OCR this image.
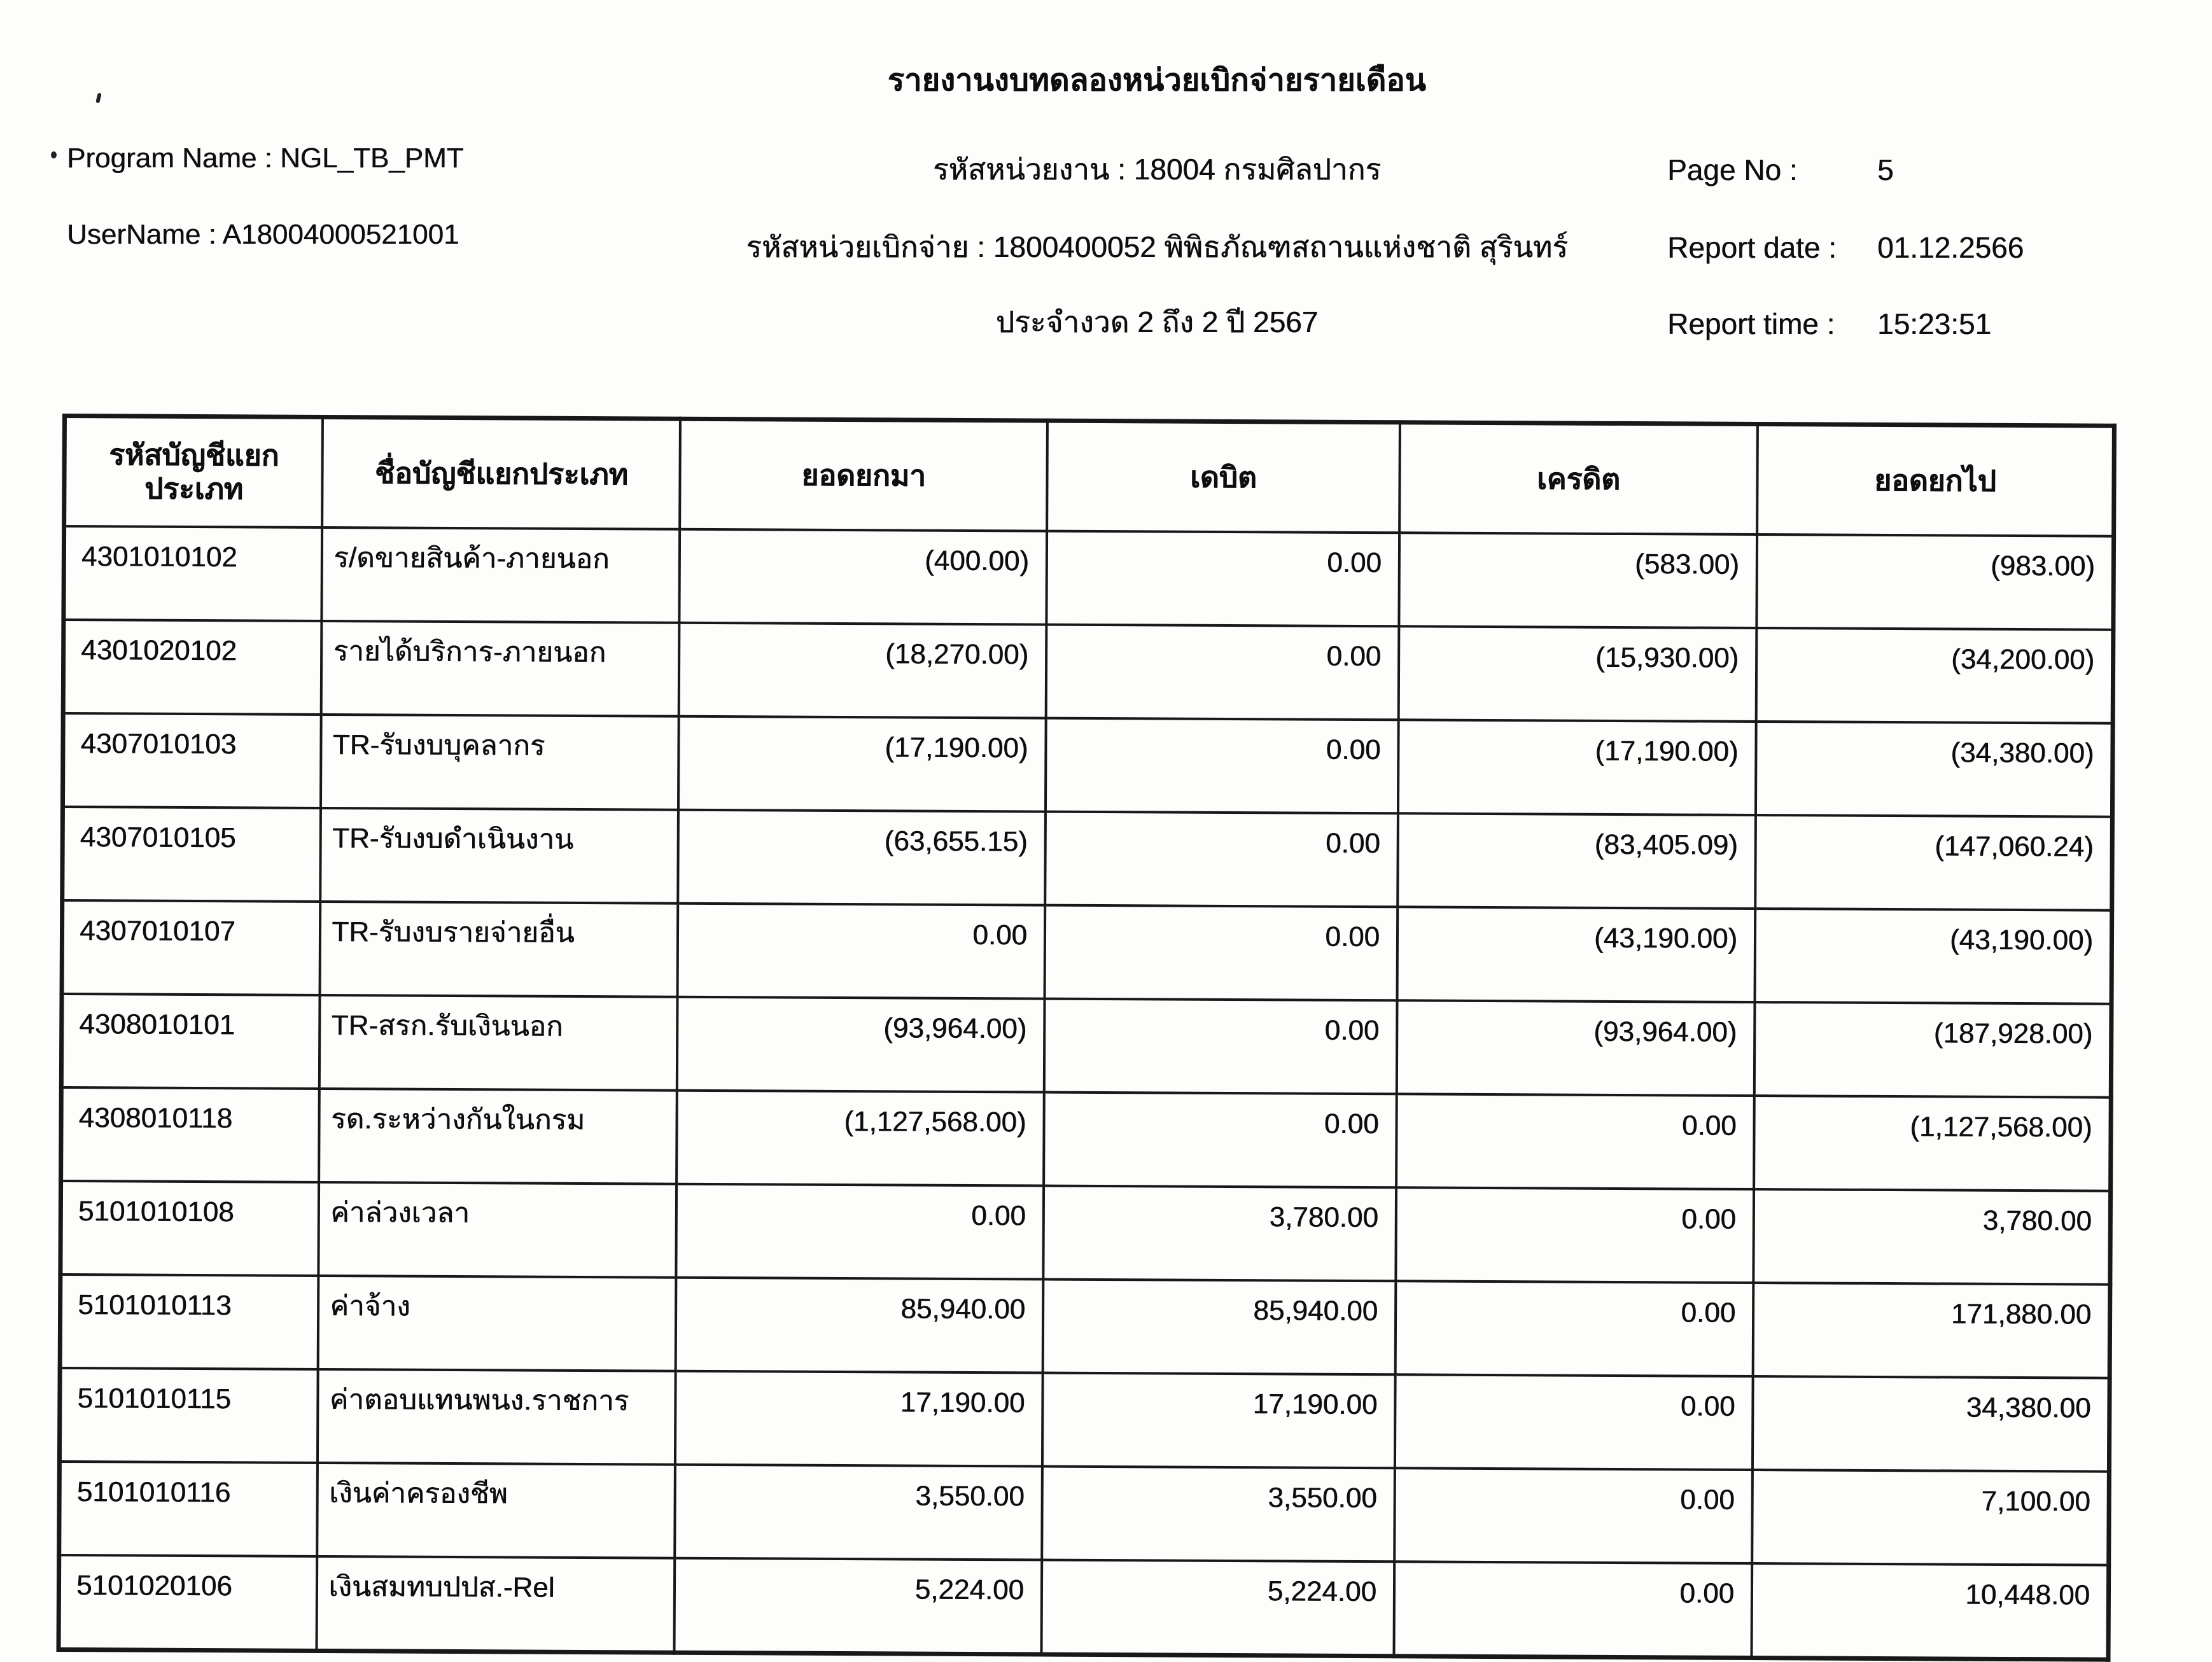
รายงานงบทดลองหน่วยเบิกจ่ายรายเดือน
Program Name : NGL_TB_PMT	รหัสหน่วยงาน : 18004 กรมศิลปากร	Page No :	5
UserName : A18004000521001	รหัสหน่วยเบิกจ่าย : 1800400052 พิพิธภัณฑสถานแห่งชาติ สุรินทร์	Report date : 01.12.2566
ประจำงวด 2 ถึง 2 ปี 2567	Report time : 15:23:51
รหัสบัญชีแยกประเภท	ชื่อบัญชีแยกประเภท	ยอดยกมา	เดบิต	เครดิต	ยอดยกไป
4301010102	ร/ดขายสินค้า-ภายนอก	(400.00)	0.00	(583.00)	(983.00)
4301020102	รายได้บริการ-ภายนอก	(18,270.00)	0.00	(15,930.00)	(34,200.00)
4307010103	TR-รับงบบุคลากร	(17,190.00)	0.00	(17,190.00)	(34,380.00)
4307010105	TR-รับงบดำเนินงาน	(63,655.15)	0.00	(83,405.09)	(147,060.24)
4307010107	TR-รับงบรายจ่ายอื่น	0.00	0.00	(43,190.00)	(43,190.00)
4308010101	TR-สรก.รับเงินนอก	(93,964.00)	0.00	(93,964.00)	(187,928.00)
4308010118	รด.ระหว่างกันในกรม	(1,127,568.00)	0.00	0.00	(1,127,568.00)
5101010108	ค่าล่วงเวลา	0.00	3,780.00	0.00	3,780.00
5101010113	ค่าจ้าง	85,940.00	85,940.00	0.00	171,880.00
5101010115	ค่าตอบแทนพนง.ราชการ	17,190.00	17,190.00	0.00	34,380.00
5101010116	เงินค่าครองชีพ	3,550.00	3,550.00	0.00	7,100.00
5101020106	เงินสมทบปปส.-Rel	5,224.00	5,224.00	0.00	10,448.00
